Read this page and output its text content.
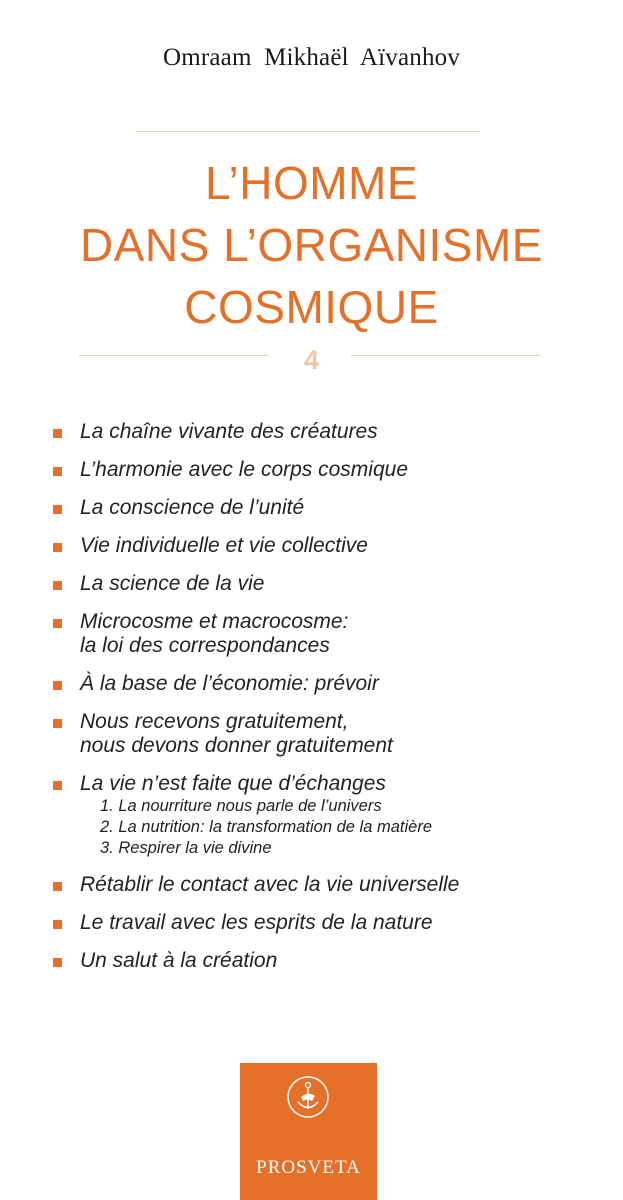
Omraam Mikhaël Aïvanhov
L’HOMME
DANS L’ORGANISME
COSMIQUE
4
La chaîne vivante des créatures
L’harmonie avec le corps cosmique
La conscience de l’unité
Vie individuelle et vie collective
La science de la vie
Microcosme et macrocosme:
la loi des correspondances
À la base de l’économie: prévoir
Nous recevons gratuitement,
nous devons donner gratuitement
La vie n’est faite que d’échanges
1. La nourriture nous parle de l’univers
2. La nutrition: la transformation de la matière
3. Respirer la vie divine
Rétablir le contact avec la vie universelle
Le travail avec les esprits de la nature
Un salut à la création
PROSVETA
